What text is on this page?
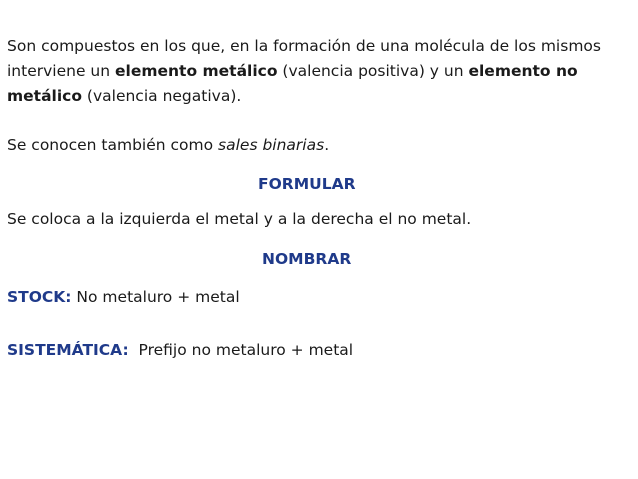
Son compuestos en los que, en la formación de una molécula de los mismos
interviene un elemento metálico (valencia positiva) y un elemento no
metálico (valencia negativa).
Se conocen también como sales binarias.
FORMULAR
Se coloca a la izquierda el metal y a la derecha el no metal.
NOMBRAR
STOCK: No metaluro + metal
SISTEMÁTICA:  Prefijo no metaluro + metal
